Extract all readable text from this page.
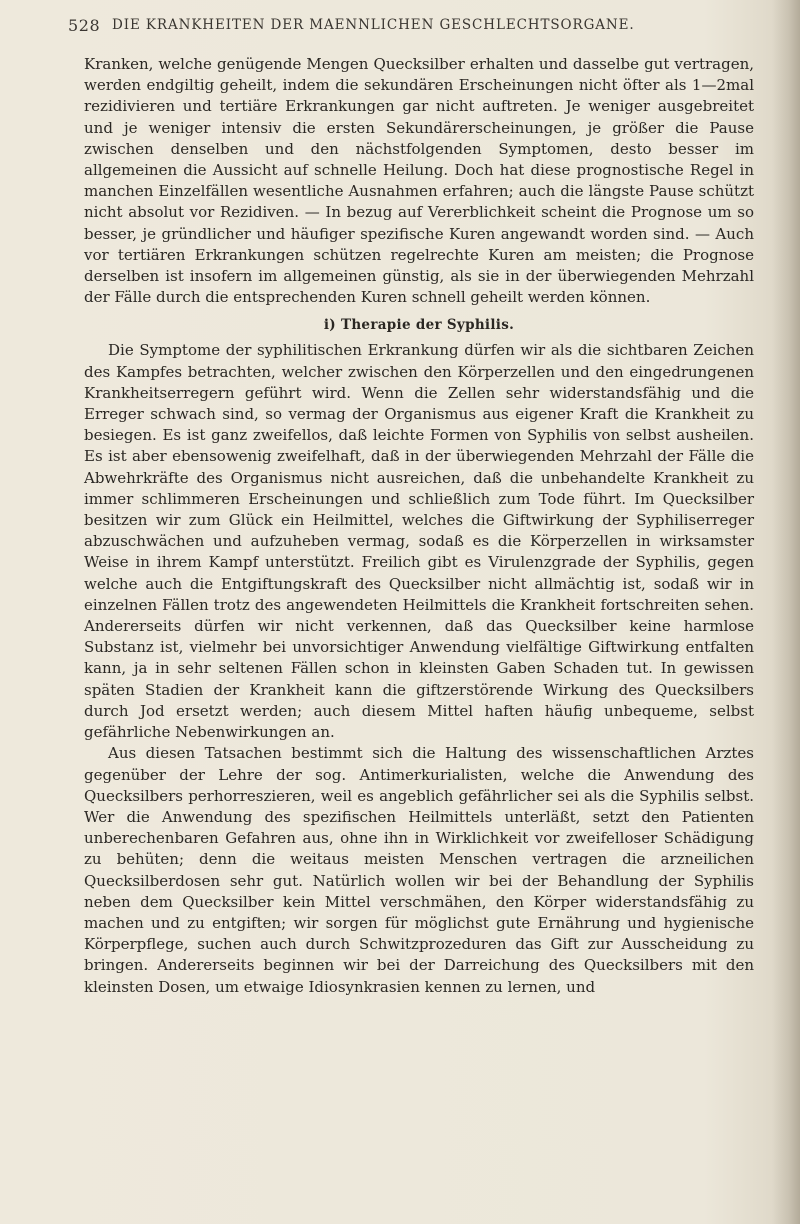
528 DIE KRANKHEITEN DER MAENNLICHEN GESCHLECHTSORGANE.

Kranken, welche genügende Mengen Quecksilber erhalten und dasselbe gut vertragen, werden endgiltig geheilt, indem die sekundären Erscheinungen nicht öfter als 1—2mal rezidivieren und tertiäre Erkrankungen gar nicht auftreten. Je weniger ausgebreitet und je weniger intensiv die ersten Sekundärerscheinungen, je größer die Pause zwischen denselben und den nächstfolgenden Symptomen, desto besser im allgemeinen die Aussicht auf schnelle Heilung. Doch hat diese prognostische Regel in manchen Einzelfällen wesentliche Ausnahmen erfahren; auch die längste Pause schützt nicht absolut vor Rezidiven. — In bezug auf Vererblichkeit scheint die Prognose um so besser, je gründlicher und häufiger spezifische Kuren angewandt worden sind. — Auch vor tertiären Erkrankungen schützen regelrechte Kuren am meisten; die Prognose derselben ist insofern im allgemeinen günstig, als sie in der überwiegenden Mehrzahl der Fälle durch die entsprechenden Kuren schnell geheilt werden können.

i) Therapie der Syphilis.

Die Symptome der syphilitischen Erkrankung dürfen wir als die sichtbaren Zeichen des Kampfes betrachten, welcher zwischen den Körperzellen und den eingedrungenen Krankheitserregern geführt wird. Wenn die Zellen sehr widerstandsfähig und die Erreger schwach sind, so vermag der Organismus aus eigener Kraft die Krankheit zu besiegen. Es ist ganz zweifellos, daß leichte Formen von Syphilis von selbst ausheilen. Es ist aber ebensowenig zweifelhaft, daß in der überwiegenden Mehrzahl der Fälle die Abwehrkräfte des Organismus nicht ausreichen, daß die unbehandelte Krankheit zu immer schlimmeren Erscheinungen und schließlich zum Tode führt. Im Quecksilber besitzen wir zum Glück ein Heilmittel, welches die Giftwirkung der Syphiliserreger abzuschwächen und aufzuheben vermag, sodaß es die Körperzellen in wirksamster Weise in ihrem Kampf unterstützt. Freilich gibt es Virulenzgrade der Syphilis, gegen welche auch die Entgiftungskraft des Quecksilber nicht allmächtig ist, sodaß wir in einzelnen Fällen trotz des angewendeten Heilmittels die Krankheit fortschreiten sehen. Andererseits dürfen wir nicht verkennen, daß das Quecksilber keine harmlose Substanz ist, vielmehr bei unvorsichtiger Anwendung vielfältige Giftwirkung entfalten kann, ja in sehr seltenen Fällen schon in kleinsten Gaben Schaden tut. In gewissen späten Stadien der Krankheit kann die giftzerstörende Wirkung des Quecksilbers durch Jod ersetzt werden; auch diesem Mittel haften häufig unbequeme, selbst gefährliche Nebenwirkungen an.

Aus diesen Tatsachen bestimmt sich die Haltung des wissenschaftlichen Arztes gegenüber der Lehre der sog. Antimerkurialisten, welche die Anwendung des Quecksilbers perhorreszieren, weil es angeblich gefährlicher sei als die Syphilis selbst. Wer die Anwendung des spezifischen Heilmittels unterläßt, setzt den Patienten unberechenbaren Gefahren aus, ohne ihn in Wirklichkeit vor zweifelloser Schädigung zu behüten; denn die weitaus meisten Menschen vertragen die arzneilichen Quecksilberdosen sehr gut. Natürlich wollen wir bei der Behandlung der Syphilis neben dem Quecksilber kein Mittel verschmähen, den Körper widerstandsfähig zu machen und zu entgiften; wir sorgen für möglichst gute Ernährung und hygienische Körperpflege, suchen auch durch Schwitzprozeduren das Gift zur Ausscheidung zu bringen. Andererseits beginnen wir bei der Darreichung des Quecksilbers mit den kleinsten Dosen, um etwaige Idiosynkrasien kennen zu lernen, und
